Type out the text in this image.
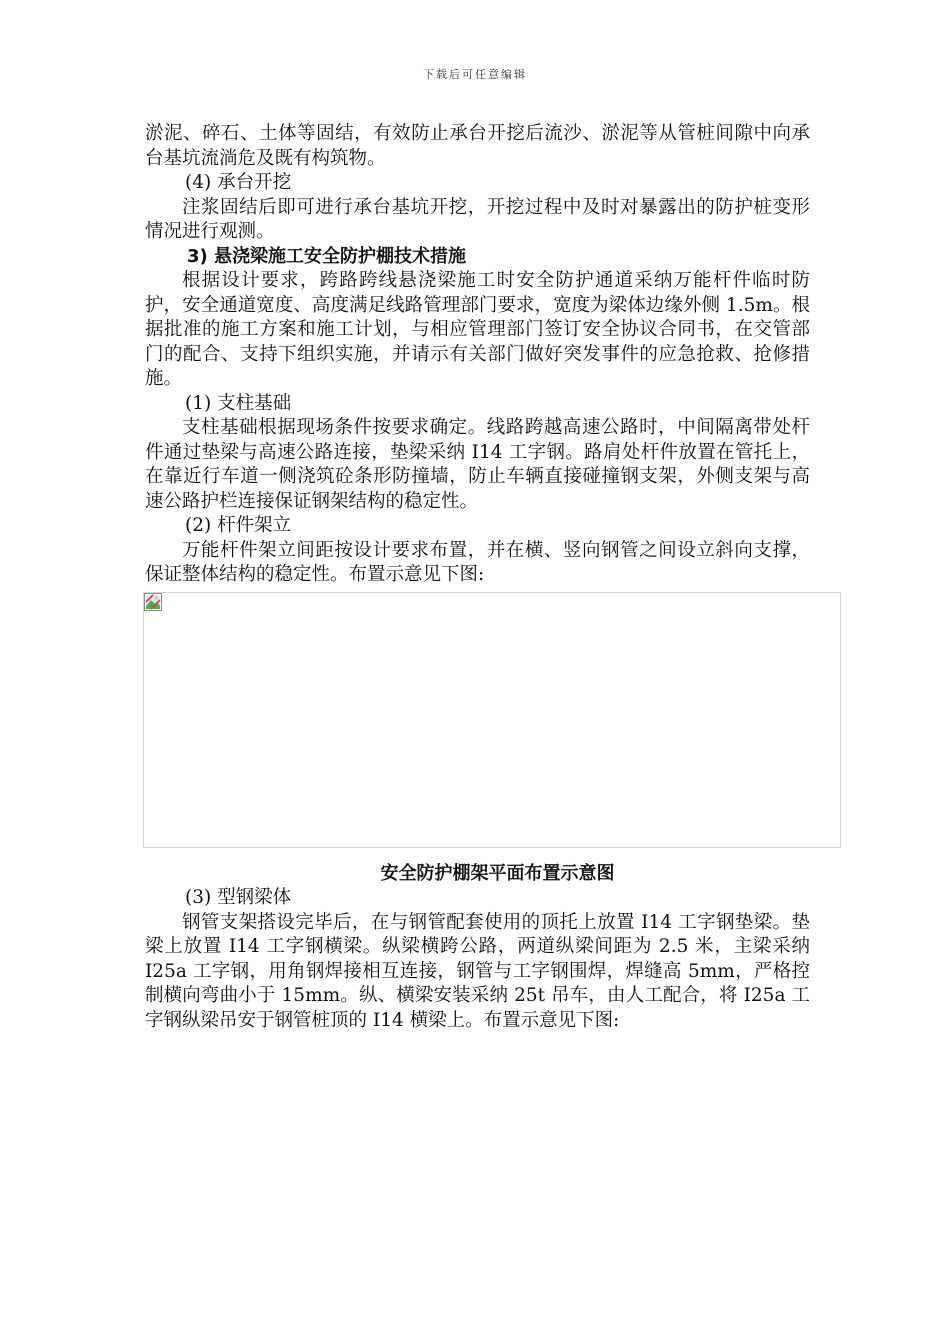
下载后可任意编辑

淤泥、碎石、土体等固结，有效防止承台开挖后流沙、淤泥等从管桩间隙中向承台基坑流淌危及既有构筑物。

(4) 承台开挖

注浆固结后即可进行承台基坑开挖，开挖过程中及时对暴露出的防护桩变形情况进行观测。

3) 悬浇梁施工安全防护棚技术措施

根据设计要求，跨路跨线悬浇梁施工时安全防护通道采纳万能杆件临时防护，安全通道宽度、高度满足线路管理部门要求，宽度为梁体边缘外侧 1.5m。根据批准的施工方案和施工计划，与相应管理部门签订安全协议合同书，在交管部门的配合、支持下组织实施，并请示有关部门做好突发事件的应急抢救、抢修措施。

(1) 支柱基础

支柱基础根据现场条件按要求确定。线路跨越高速公路时，中间隔离带处杆件通过垫梁与高速公路连接，垫梁采纳 I14 工字钢。路肩处杆件放置在管托上，在靠近行车道一侧浇筑砼条形防撞墙，防止车辆直接碰撞钢支架，外侧支架与高速公路护栏连接保证钢架结构的稳定性。

(2) 杆件架立

万能杆件架立间距按设计要求布置，并在横、竖向钢管之间设立斜向支撑，保证整体结构的稳定性。布置示意见下图:

安全防护棚架平面布置示意图

(3) 型钢梁体

钢管支架搭设完毕后，在与钢管配套使用的顶托上放置 I14 工字钢垫梁。垫梁上放置 I14 工字钢横梁。纵梁横跨公路，两道纵梁间距为 2.5 米，主梁采纳 I25a 工字钢，用角钢焊接相互连接，钢管与工字钢围焊，焊缝高 5mm，严格控制横向弯曲小于 15mm。纵、横梁安装采纳 25t 吊车，由人工配合，将 I25a 工字钢纵梁吊安于钢管桩顶的 I14 横梁上。布置示意见下图:
